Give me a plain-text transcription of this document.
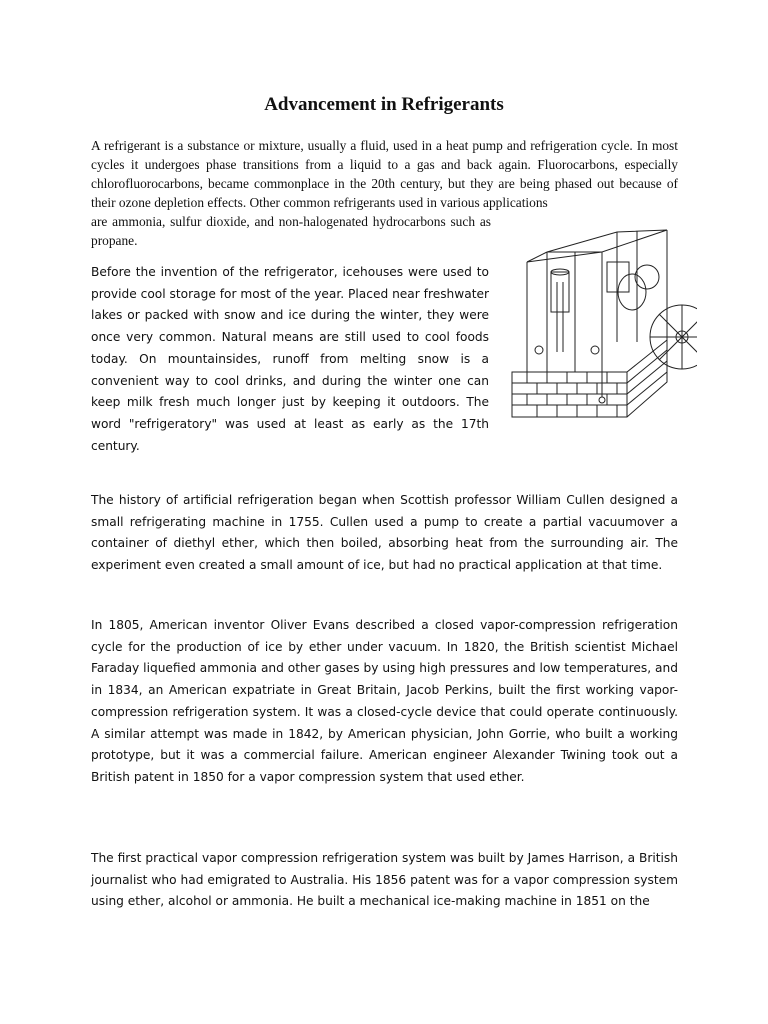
Advancement in Refrigerants

A refrigerant is a substance or mixture, usually a fluid, used in a heat pump and refrigeration cycle. In most cycles it undergoes phase transitions from a liquid to a gas and back again. Fluorocarbons, especially chlorofluorocarbons, became commonplace in the 20th century, but they are being phased out because of their ozone depletion effects. Other common refrigerants used in various applications
are ammonia, sulfur dioxide, and non-halogenated hydrocarbons such as propane.

Before the invention of the refrigerator, icehouses were used to provide cool storage for most of the year. Placed near freshwater lakes or packed with snow and ice during the winter, they were once very common. Natural means are still used to cool foods today. On mountainsides, runoff from melting snow is a convenient way to cool drinks, and during the winter one can keep milk fresh much longer just by keeping it outdoors. The word "refrigeratory" was used at least as early as the 17th century.

The history of artificial refrigeration began when Scottish professor William Cullen designed a small refrigerating machine in 1755. Cullen used a pump to create a partial vacuumover a container of diethyl ether, which then boiled, absorbing heat from the surrounding air. The experiment even created a small amount of ice, but had no practical application at that time.

In 1805, American inventor Oliver Evans described a closed vapor-compression refrigeration cycle for the production of ice by ether under vacuum. In 1820, the British scientist Michael Faraday liquefied ammonia and other gases by using high pressures and low temperatures, and in 1834, an American expatriate in Great Britain, Jacob Perkins, built the first working vapor-compression refrigeration system. It was a closed-cycle device that could operate continuously. A similar attempt was made in 1842, by American physician, John Gorrie, who built a working prototype, but it was a commercial failure. American engineer Alexander Twining took out a British patent in 1850 for a vapor compression system that used ether.

The first practical vapor compression refrigeration system was built by James Harrison, a British journalist who had emigrated to Australia. His 1856 patent was for a vapor compression system using ether, alcohol or ammonia. He built a mechanical ice-making machine in 1851 on the
